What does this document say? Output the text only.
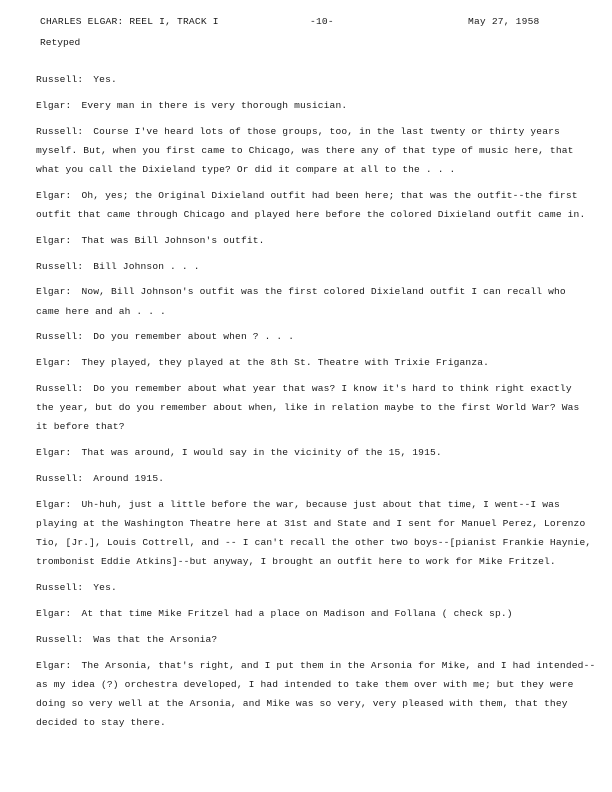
CHARLES ELGAR: REEL I, TRACK I	-10-	May 27, 1958
Retyped
Russell: Yes.
Elgar: Every man in there is very thorough musician.
Russell: Course I've heard lots of those groups, too, in the last twenty or thirty years
myself. But, when you first came to Chicago, was there any of that type of music here, that
what you call the Dixieland type? Or did it compare at all to the . . .
Elgar: Oh, yes; the Original Dixieland outfit had been here; that was the outfit--the first
outfit that came through Chicago and played here before the colored Dixieland outfit came in.
Elgar: That was Bill Johnson's outfit.
Russell: Bill Johnson . . .
Elgar: Now, Bill Johnson's outfit was the first colored Dixieland outfit I can recall who
came here and ah . . .
Russell: Do you remember about when ? . . .
Elgar: They played, they played at the 8th St. Theatre with Trixie Friganza.
Russell: Do you remember about what year that was? I know it's hard to think right exactly
the year, but do you remember about when, like in relation maybe to the first World War? Was
it before that?
Elgar: That was around, I would say in the vicinity of the 15, 1915.
Russell: Around 1915.
Elgar: Uh-huh, just a little before the war, because just about that time, I went--I was
playing at the Washington Theatre here at 31st and State and I sent for Manuel Perez, Lorenzo
Tio, [Jr.], Louis Cottrell, and -- I can't recall the other two boys--[pianist Frankie Haynie,
trombonist Eddie Atkins]--but anyway, I brought an outfit here to work for Mike Fritzel.
Russell: Yes.
Elgar: At that time Mike Fritzel had a place on Madison and Follana ( check sp.)
Russell: Was that the Arsonia?
Elgar: The Arsonia, that's right, and I put them in the Arsonia for Mike, and I had intended--
as my idea (?) orchestra developed, I had intended to take them over with me; but they were
doing so very well at the Arsonia, and Mike was so very, very pleased with them, that they
decided to stay there.
